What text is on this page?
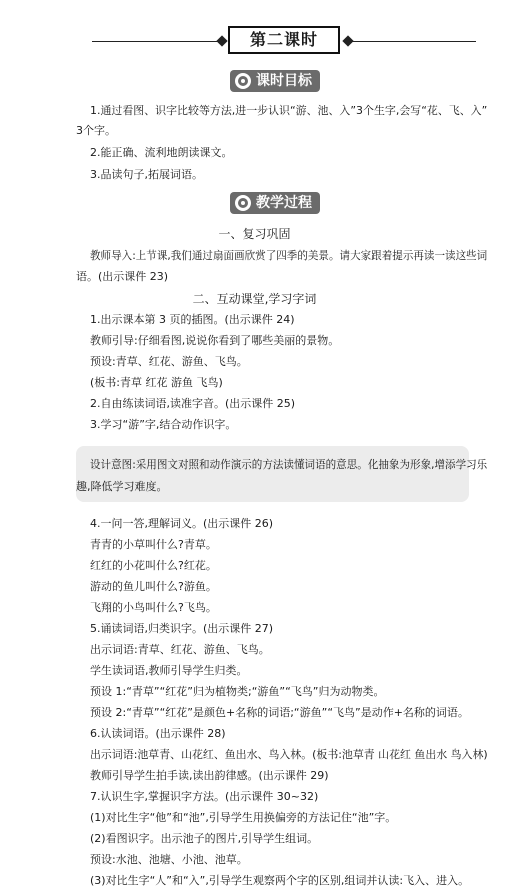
第二课时
课时目标
1.通过看图、识字比较等方法,进一步认识“游、池、入”3个生字,会写“花、飞、入”
3个字。
2.能正确、流利地朗读课文。
3.品读句子,拓展词语。
教学过程
一、复习巩固
教师导入:上节课,我们通过扇面画欣赏了四季的美景。请大家跟着提示再读一读这些词
语。(出示课件 23)
二、互动课堂,学习字词
1.出示课本第 3 页的插图。(出示课件 24)
教师引导:仔细看图,说说你看到了哪些美丽的景物。
预设:青草、红花、游鱼、飞鸟。
(板书:青草 红花 游鱼 飞鸟)
2.自由练读词语,读准字音。(出示课件 25)
3.学习“游”字,结合动作识字。
设计意图:采用图文对照和动作演示的方法读懂词语的意思。化抽象为形象,增添学习乐
趣,降低学习难度。
4.一问一答,理解词义。(出示课件 26)
青青的小草叫什么?青草。
红红的小花叫什么?红花。
游动的鱼儿叫什么?游鱼。
飞翔的小鸟叫什么?飞鸟。
5.诵读词语,归类识字。(出示课件 27)
出示词语:青草、红花、游鱼、飞鸟。
学生读词语,教师引导学生归类。
预设 1:“青草”“红花”归为植物类;“游鱼”“飞鸟”归为动物类。
预设 2:“青草”“红花”是颜色+名称的词语;“游鱼”“飞鸟”是动作+名称的词语。
6.认读词语。(出示课件 28)
出示词语:池草青、山花红、鱼出水、鸟入林。(板书:池草青 山花红 鱼出水 鸟入林)
教师引导学生拍手读,读出韵律感。(出示课件 29)
7.认识生字,掌握识字方法。(出示课件 30~32)
(1)对比生字“他”和“池”,引导学生用换偏旁的方法记住“池”字。
(2)看图识字。出示池子的图片,引导学生组词。
预设:水池、池塘、小池、池草。
(3)对比生字“人”和“入”,引导学生观察两个字的区别,组词并认读:飞入、进入。
